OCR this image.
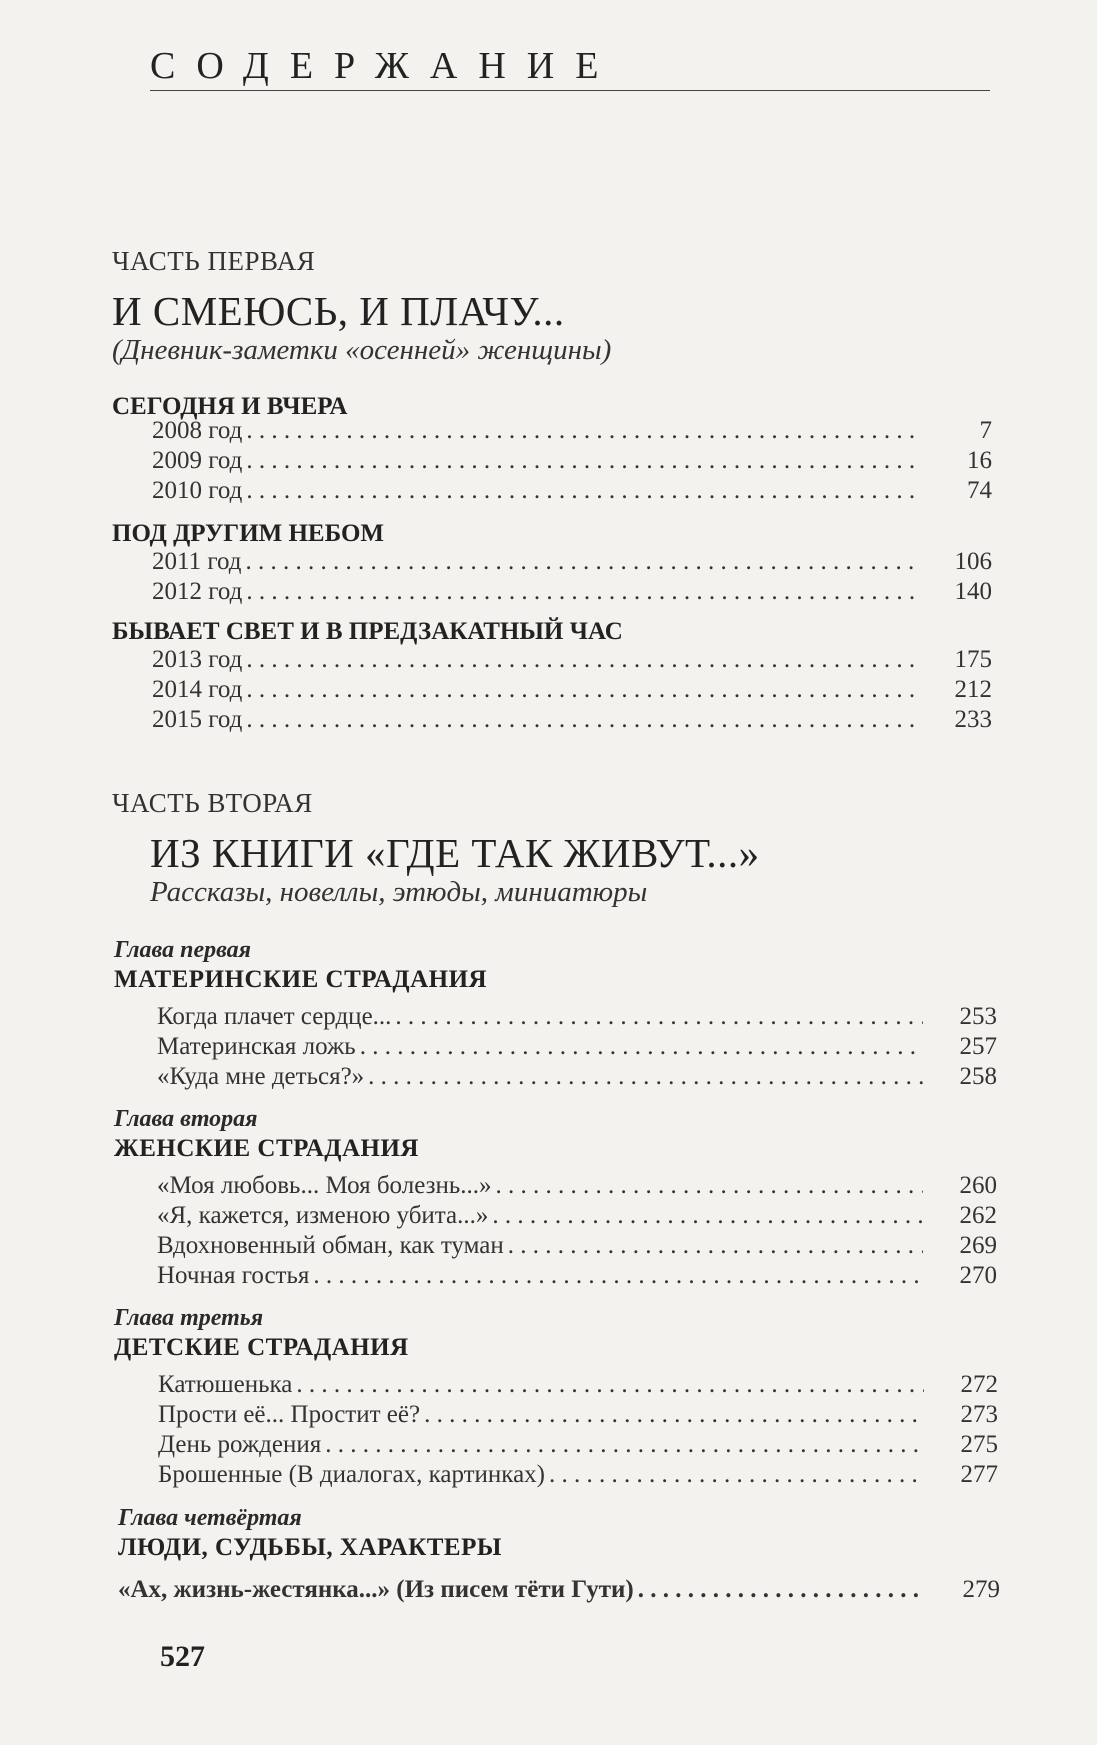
СОДЕРЖАНИЕ
ЧАСТЬ ПЕРВАЯ
И СМЕЮСЬ, И ПЛАЧУ...
(Дневник-заметки «осенней» женщины)
СЕГОДНЯ И ВЧЕРА
2008 год . . .	7
2009 год . . .	16
2010 год . . .	74
ПОД ДРУГИМ НЕБОМ
2011 год . . .	106
2012 год . . .	140
БЫВАЕТ СВЕТ И В ПРЕДЗАКАТНЫЙ ЧАС
2013 год . . .	175
2014 год . . .	212
2015 год . . .	233
ЧАСТЬ ВТОРАЯ
ИЗ КНИГИ «ГДЕ ТАК ЖИВУТ...»
Рассказы, новеллы, этюды, миниатюры
Глава первая
МАТЕРИНСКИЕ СТРАДАНИЯ
Когда плачет сердце... . . .	253
Материнская ложь . . .	257
«Куда мне деться?» . . .	258
Глава вторая
ЖЕНСКИЕ СТРАДАНИЯ
«Моя любовь... Моя болезнь...» . . .	260
«Я, кажется, изменою убита...» . . .	262
Вдохновенный обман, как туман . . .	269
Ночная гостья . . .	270
Глава третья
ДЕТСКИЕ СТРАДАНИЯ
Катюшенька . . .	272
Прости её... Простит её? . . .	273
День рождения . . .	275
Брошенные (В диалогах, картинках) . . .	277
Глава четвёртая
ЛЮДИ, СУДЬБЫ, ХАРАКТЕРЫ
«Ах, жизнь-жестянка...» (Из писем тёти Гути) . . .	279
527
